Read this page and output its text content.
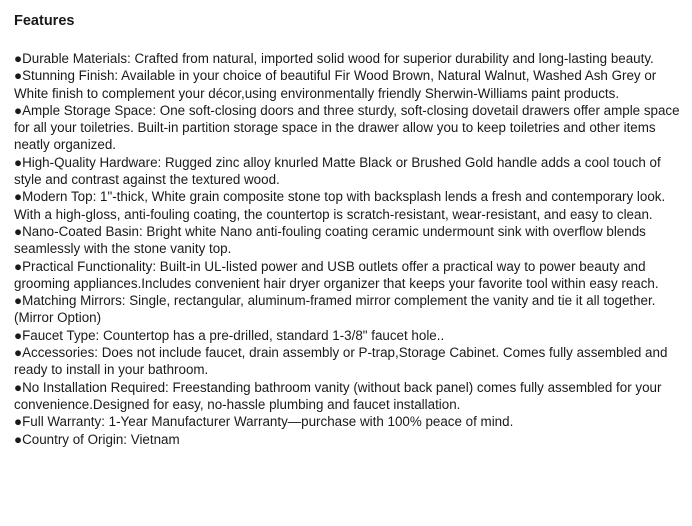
Features
●Durable Materials: Crafted from natural, imported solid wood for superior durability and long-lasting beauty.
●Stunning Finish: Available in your choice of beautiful Fir Wood Brown, Natural Walnut, Washed Ash Grey or White finish to complement your décor,using environmentally friendly Sherwin-Williams paint products.
●Ample Storage Space: One soft-closing doors and three sturdy, soft-closing dovetail drawers offer ample space for all your toiletries. Built-in partition storage space in the drawer allow you to keep toiletries and other items neatly organized.
●High-Quality Hardware: Rugged zinc alloy knurled Matte Black or Brushed Gold handle adds a cool touch of style and contrast against the textured wood.
●Modern Top: 1"-thick, White grain composite stone top with backsplash lends a fresh and contemporary look. With a high-gloss, anti-fouling coating, the countertop is scratch-resistant, wear-resistant, and easy to clean.
●Nano-Coated Basin: Bright white Nano anti-fouling coating ceramic undermount sink with overflow blends seamlessly with the stone vanity top.
●Practical Functionality: Built-in UL-listed power and USB outlets offer a practical way to power beauty and grooming appliances.Includes convenient hair dryer organizer that keeps your favorite tool within easy reach.
●Matching Mirrors: Single, rectangular, aluminum-framed mirror complement the vanity and tie it all together. (Mirror Option)
●Faucet Type: Countertop has a pre-drilled, standard 1-3/8" faucet hole..
●Accessories: Does not include faucet, drain assembly or P-trap,Storage Cabinet. Comes fully assembled and ready to install in your bathroom.
●No Installation Required: Freestanding bathroom vanity (without back panel) comes fully assembled for your convenience.Designed for easy, no-hassle plumbing and faucet installation.
●Full Warranty: 1-Year Manufacturer Warranty—purchase with 100% peace of mind.
●Country of Origin: Vietnam
